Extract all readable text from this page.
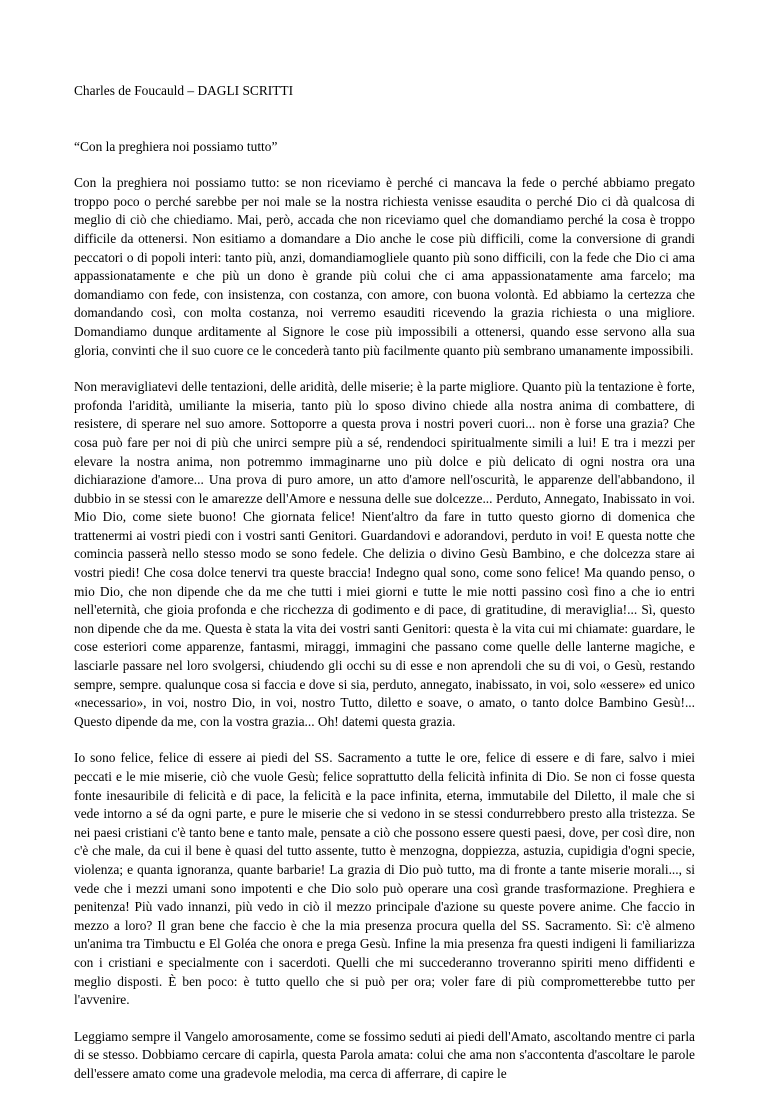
Charles de Foucauld – DAGLI SCRITTI
“Con la preghiera noi possiamo tutto”

Con la preghiera noi possiamo tutto: se non riceviamo è perché ci mancava la fede o perché abbiamo pregato troppo poco o perché sarebbe per noi male se la nostra richiesta venisse esaudita o perché Dio ci dà qualcosa di meglio di ciò che chiediamo. Mai, però, accada che non riceviamo quel che domandiamo perché la cosa è troppo difficile da ottenersi. Non esitiamo a domandare a Dio anche le cose più difficili, come la conversione di grandi peccatori o di popoli interi: tanto più, anzi, domandiamogliele quanto più sono difficili, con la fede che Dio ci ama appassionatamente e che più un dono è grande più colui che ci ama appassionatamente ama farcelo; ma domandiamo con fede, con insistenza, con costanza, con amore, con buona volontà. Ed abbiamo la certezza che domandando così, con molta costanza, noi verremo esauditi ricevendo la grazia richiesta o una migliore. Domandiamo dunque arditamente al Signore le cose più impossibili a ottenersi, quando esse servono alla sua gloria, convinti che il suo cuore ce le concederà tanto più facilmente quanto più sembrano umanamente impossibili.

Non meravigliatevi delle tentazioni, delle aridità, delle miserie; è la parte migliore. Quanto più la tentazione è forte, profonda l'aridità, umiliante la miseria, tanto più lo sposo divino chiede alla nostra anima di combattere, di resistere, di sperare nel suo amore. Sottoporre a questa prova i nostri poveri cuori... non è forse una grazia? Che cosa può fare per noi di più che unirci sempre più a sé, rendendoci spiritualmente simili a lui! E tra i mezzi per elevare la nostra anima, non potremmo immaginarne uno più dolce e più delicato di ogni nostra ora una dichiarazione d'amore... Una prova di puro amore, un atto d'amore nell'oscurità, le apparenze dell'abbandono, il dubbio in se stessi con le amarezze dell'Amore e nessuna delle sue dolcezze... Perduto, Annegato, Inabissato in voi. Mio Dio, come siete buono! Che giornata felice! Nient'altro da fare in tutto questo giorno di domenica che trattenermi ai vostri piedi con i vostri santi Genitori. Guardandovi e adorandovi, perduto in voi! E questa notte che comincia passerà nello stesso modo se sono fedele. Che delizia o divino Gesù Bambino, e che dolcezza stare ai vostri piedi! Che cosa dolce tenervi tra queste braccia! Indegno qual sono, come sono felice! Ma quando penso, o mio Dio, che non dipende che da me che tutti i miei giorni e tutte le mie notti passino così fino a che io entri nell'eternità, che gioia profonda e che ricchezza di godimento e di pace, di gratitudine, di meraviglia!... Sì, questo non dipende che da me. Questa è stata la vita dei vostri santi Genitori: questa è la vita cui mi chiamate: guardare, le cose esteriori come apparenze, fantasmi, miraggi, immagini che passano come quelle delle lanterne magiche, e lasciarle passare nel loro svolgersi, chiudendo gli occhi su di esse e non aprendoli che su di voi, o Gesù, restando sempre, sempre. qualunque cosa si faccia e dove si sia, perduto, annegato, inabissato, in voi, solo «essere» ed unico «necessario», in voi, nostro Dio, in voi, nostro Tutto, diletto e soave, o amato, o tanto dolce Bambino Gesù!... Questo dipende da me, con la vostra grazia... Oh! datemi questa grazia.

Io sono felice, felice di essere ai piedi del SS. Sacramento a tutte le ore, felice di essere e di fare, salvo i miei peccati e le mie miserie, ciò che vuole Gesù; felice soprattutto della felicità infinita di Dio. Se non ci fosse questa fonte inesauribile di felicità e di pace, la felicità e la pace infinita, eterna, immutabile del Diletto, il male che si vede intorno a sé da ogni parte, e pure le miserie che si vedono in se stessi condurrebbero presto alla tristezza. Se nei paesi cristiani c'è tanto bene e tanto male, pensate a ciò che possono essere questi paesi, dove, per così dire, non c'è che male, da cui il bene è quasi del tutto assente, tutto è menzogna, doppiezza, astuzia, cupidigia d'ogni specie, violenza; e quanta ignoranza, quante barbarie! La grazia di Dio può tutto, ma di fronte a tante miserie morali..., si vede che i mezzi umani sono impotenti e che Dio solo può operare una così grande trasformazione. Preghiera e penitenza! Più vado innanzi, più vedo in ciò il mezzo principale d'azione su queste povere anime. Che faccio in mezzo a loro? Il gran bene che faccio è che la mia presenza procura quella del SS. Sacramento. Sì: c'è almeno un'anima tra Timbuctu e El Goléa che onora e prega Gesù. Infine la mia presenza fra questi indigeni li familiarizza con i cristiani e specialmente con i sacerdoti. Quelli che mi succederanno troveranno spiriti meno diffidenti e meglio disposti. È ben poco: è tutto quello che si può per ora; voler fare di più comprometterebbe tutto per l'avvenire.

Leggiamo sempre il Vangelo amorosamente, come se fossimo seduti ai piedi dell'Amato, ascoltando mentre ci parla di se stesso. Dobbiamo cercare di capirla, questa Parola amata: colui che ama non s'accontenta d'ascoltare le parole dell'essere amato come una gradevole melodia, ma cerca di afferrare, di capire le
